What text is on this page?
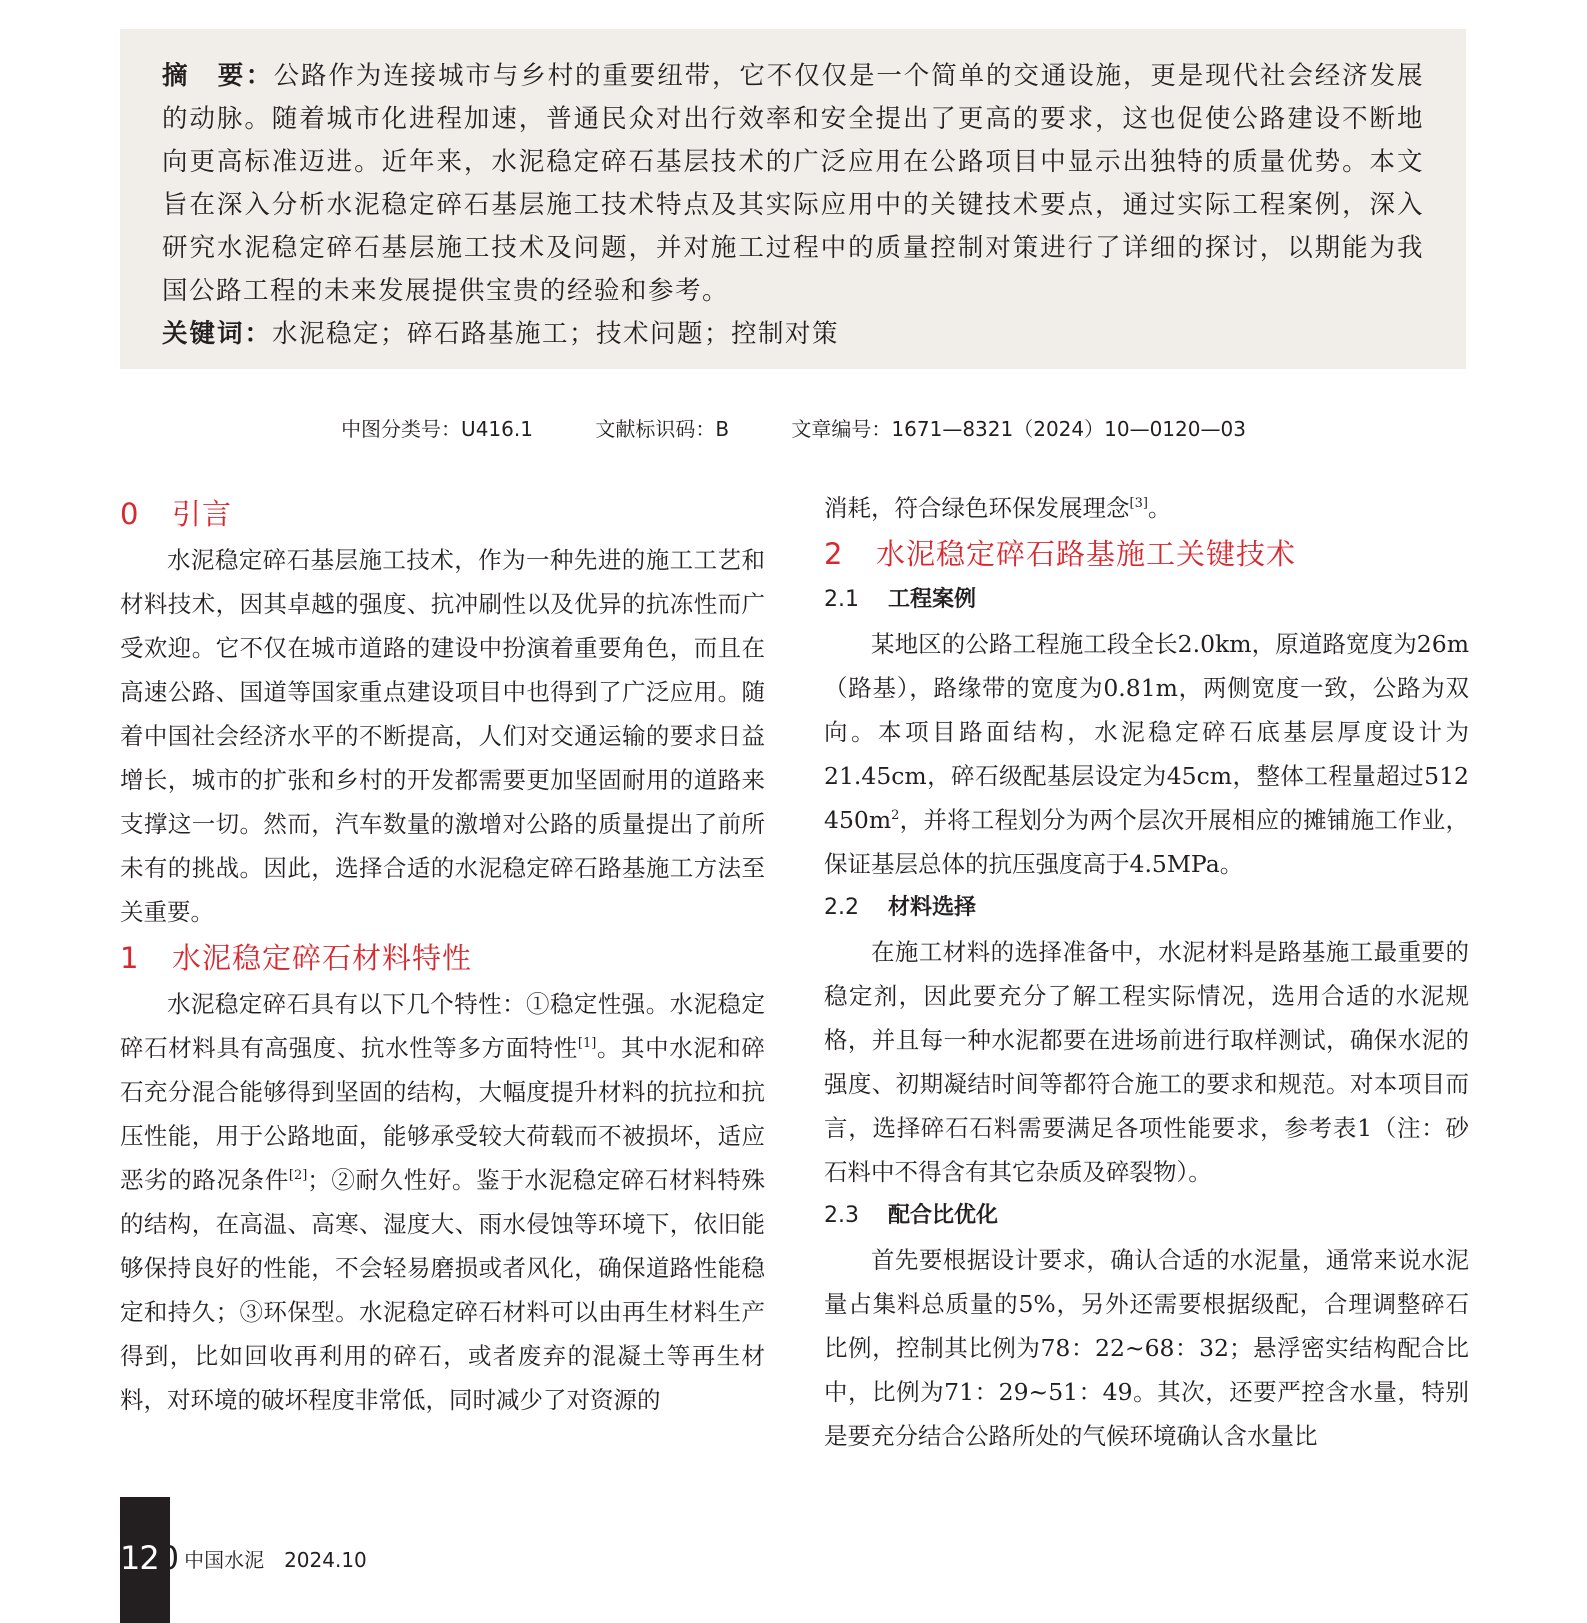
摘　要：公路作为连接城市与乡村的重要纽带，它不仅仅是一个简单的交通设施，更是现代社会经济发展的动脉。随着城市化进程加速，普通民众对出行效率和安全提出了更高的要求，这也促使公路建设不断地向更高标准迈进。近年来，水泥稳定碎石基层技术的广泛应用在公路项目中显示出独特的质量优势。本文旨在深入分析水泥稳定碎石基层施工技术特点及其实际应用中的关键技术要点，通过实际工程案例，深入研究水泥稳定碎石基层施工技术及问题，并对施工过程中的质量控制对策进行了详细的探讨，以期能为我国公路工程的未来发展提供宝贵的经验和参考。

关键词：水泥稳定；碎石路基施工；技术问题；控制对策

中图分类号：U416.1	文献标识码：B	文章编号：1671—8321（2024）10—0120—03
0 引言

水泥稳定碎石基层施工技术，作为一种先进的施工工艺和材料技术，因其卓越的强度、抗冲刷性以及优异的抗冻性而广受欢迎。它不仅在城市道路的建设中扮演着重要角色，而且在高速公路、国道等国家重点建设项目中也得到了广泛应用。随着中国社会经济水平的不断提高，人们对交通运输的要求日益增长，城市的扩张和乡村的开发都需要更加坚固耐用的道路来支撑这一切。然而，汽车数量的激增对公路的质量提出了前所未有的挑战。因此，选择合适的水泥稳定碎石路基施工方法至关重要。

1 水泥稳定碎石材料特性

水泥稳定碎石具有以下几个特性：①稳定性强。水泥稳定碎石材料具有高强度、抗水性等多方面特性[1]。其中水泥和碎石充分混合能够得到坚固的结构，大幅度提升材料的抗拉和抗压性能，用于公路地面，能够承受较大荷载而不被损坏，适应恶劣的路况条件[2]；②耐久性好。鉴于水泥稳定碎石材料特殊的结构，在高温、高寒、湿度大、雨水侵蚀等环境下，依旧能够保持良好的性能，不会轻易磨损或者风化，确保道路性能稳定和持久；③环保型。水泥稳定碎石材料可以由再生材料生产得到，比如回收再利用的碎石，或者废弃的混凝土等再生材料，对环境的破坏程度非常低，同时减少了对资源的

消耗，符合绿色环保发展理念[3]。

2 水泥稳定碎石路基施工关键技术
2.1 工程案例

某地区的公路工程施工段全长2.0km，原道路宽度为26m（路基），路缘带的宽度为0.81m，两侧宽度一致，公路为双向。本项目路面结构，水泥稳定碎石底基层厚度设计为21.45cm，碎石级配基层设定为45cm，整体工程量超过512 $450m^2$，并将工程划分为两个层次开展相应的摊铺施工作业，保证基层总体的抗压强度高于4.5MPa。

2.2 材料选择

在施工材料的选择准备中，水泥材料是路基施工最重要的稳定剂，因此要充分了解工程实际情况，选用合适的水泥规格，并且每一种水泥都要在进场前进行取样测试，确保水泥的强度、初期凝结时间等都符合施工的要求和规范。对本项目而言，选择碎石石料需要满足各项性能要求，参考表1（注：砂石料中不得含有其它杂质及碎裂物）。

2.3 配合比优化

首先要根据设计要求，确认合适的水泥量，通常来说水泥量占集料总质量的5%，另外还需要根据级配，合理调整碎石比例，控制其比例为78：22~68：32；悬浮密实结构配合比中，比例为71：29~51：49。其次，还要严控含水量，特别是要充分结合公路所处的气候环境确认含水量比

120 中国水泥　2024.10
